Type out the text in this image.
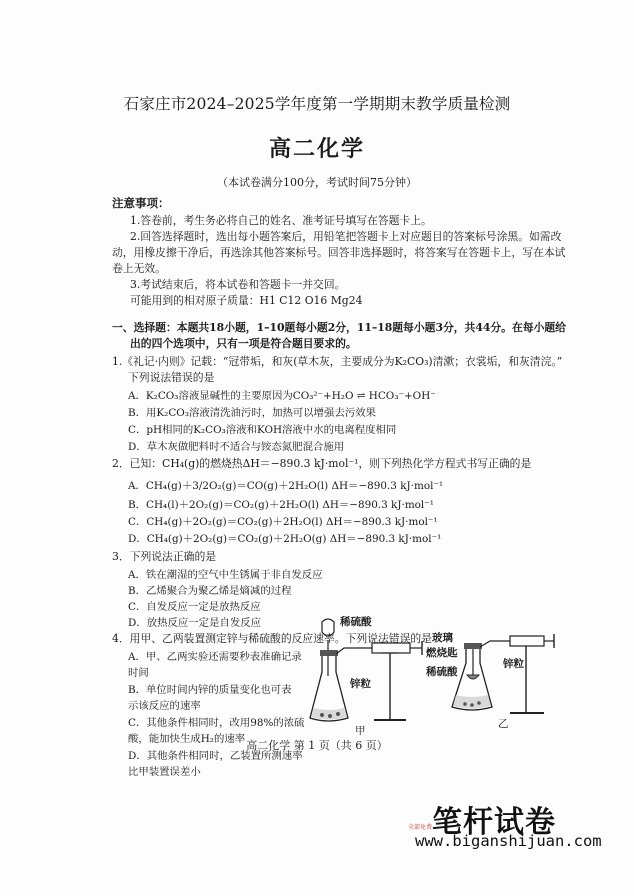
石家庄市2024–2025学年度第一学期期末教学质量检测
高二化学
（本试卷满分100分，考试时间75分钟）
注意事项：
1.答卷前，考生务必将自己的姓名、准考证号填写在答题卡上。
2.回答选择题时，选出每小题答案后，用铅笔把答题卡上对应题目的答案标号涂黑。如需改
动，用橡皮擦干净后，再选涂其他答案标号。回答非选择题时，将答案写在答题卡上，写在本试
卷上无效。
3.考试结束后，将本试卷和答题卡一并交回。
可能用到的相对原子质量：H1 C12 O16 Mg24
一、选择题：本题共18小题，1–10题每小题2分，11–18题每小题3分，共44分。在每小题给
出的四个选项中，只有一项是符合题目要求的。
1.《礼记·内则》记载：“冠带垢，和灰(草木灰，主要成分为K₂CO₃)清漱；衣裳垢，和灰清浣。”
下列说法错误的是
A．K₂CO₃溶液显碱性的主要原因为CO₃²⁻+H₂O ⇌ HCO₃⁻+OH⁻
B．用K₂CO₃溶液清洗油污时，加热可以增强去污效果
C．pH相同的K₂CO₃溶液和KOH溶液中水的电离程度相同
D．草木灰做肥料时不适合与铵态氮肥混合施用
2．已知：CH₄(g)的燃烧热ΔH＝−890.3 kJ·mol⁻¹，则下列热化学方程式书写正确的是
A．CH₄(g)＋3/2O₂(g)＝CO(g)＋2H₂O(l) ΔH＝−890.3 kJ·mol⁻¹
B．CH₄(l)＋2O₂(g)＝CO₂(g)＋2H₂O(l) ΔH＝−890.3 kJ·mol⁻¹
C．CH₄(g)＋2O₂(g)＝CO₂(g)＋2H₂O(l) ΔH＝−890.3 kJ·mol⁻¹
D．CH₄(g)＋2O₂(g)＝CO₂(g)＋2H₂O(g) ΔH＝−890.3 kJ·mol⁻¹
3．下列说法正确的是
A．铁在潮湿的空气中生锈属于非自发反应
B．乙烯聚合为聚乙烯是熵减的过程
C．自发反应一定是放热反应
D．放热反应一定是自发反应
4．用甲、乙两装置测定锌与稀硫酸的反应速率。下列说法错误的是
A．甲、乙两实验还需要秒表准确记录
时间
B．单位时间内锌的质量变化也可表
示该反应的速率
C．其他条件相同时，改用98%的浓硫
酸，能加快生成H₂的速率
D．其他条件相同时，乙装置所测速率
比甲装置误差小
稀硫酸
锌粒
甲
玻璃
燃烧匙
稀硫酸
锌粒
乙
高二化学 第 1 页（共 6 页）
笔杆试卷
全部免费
www.biganshijuan.com
